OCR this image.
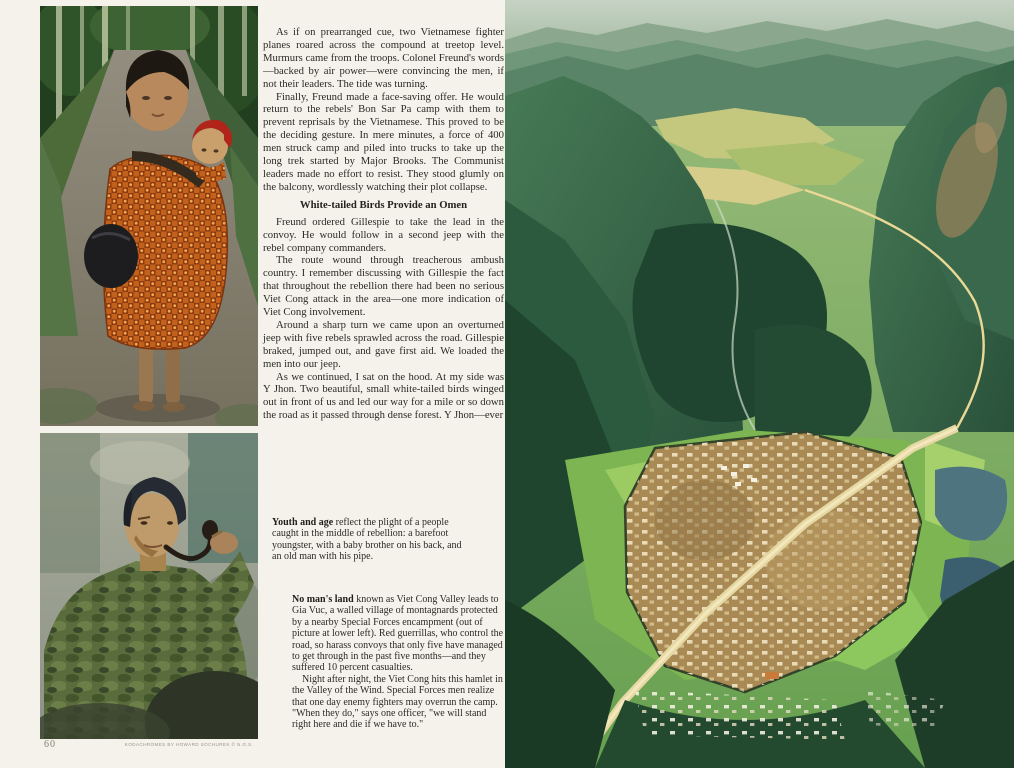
As if on prearranged cue, two Vietnamese fighter planes roared across the compound at treetop level. Murmurs came from the troops. Colonel Freund's words—backed by air power—were convincing the men, if not their leaders. The tide was turning.

Finally, Freund made a face-saving offer. He would return to the rebels' Bon Sar Pa camp with them to prevent reprisals by the Vietnamese. This proved to be the deciding gesture. In mere minutes, a force of 400 men struck camp and piled into trucks to take up the long trek started by Major Brooks. The Communist leaders made no effort to resist. They stood glumly on the balcony, wordlessly watching their plot collapse.

White-tailed Birds Provide an Omen

Freund ordered Gillespie to take the lead in the convoy. He would follow in a second jeep with the rebel company commanders.

The route wound through treacherous ambush country. I remember discussing with Gillespie the fact that throughout the rebellion there had been no serious Viet Cong attack in the area—one more indication of Viet Cong involvement.

Around a sharp turn we came upon an overturned jeep with five rebels sprawled across the road. Gillespie braked, jumped out, and gave first aid. We loaded the men into our jeep.

As we continued, I sat on the hood. At my side was Y Jhon. Two beautiful, small white-tailed birds winged out in front of us and led our way for a mile or so down the road as it passed through dense forest. Y Jhon—ever

Youth and age reflect the plight of a people caught in the middle of rebellion: a barefoot youngster, with a baby brother on his back, and an old man with his pipe.

No man's land known as Viet Cong Valley leads to Gia Vuc, a walled village of montagnards protected by a nearby Special Forces encampment (out of picture at lower left). Red guerrillas, who control the road, so harass convoys that only five have managed to get through in the past five months—and they suffered 10 percent casualties.

Night after night, the Viet Cong hits this hamlet in the Valley of the Wind. Special Forces men realize that one day enemy fighters may overrun the camp. "When they do," says one officer, "we will stand right here and die if we have to."

60	KODACHROMES BY HOWARD SOCHUREK © N.G.S.
